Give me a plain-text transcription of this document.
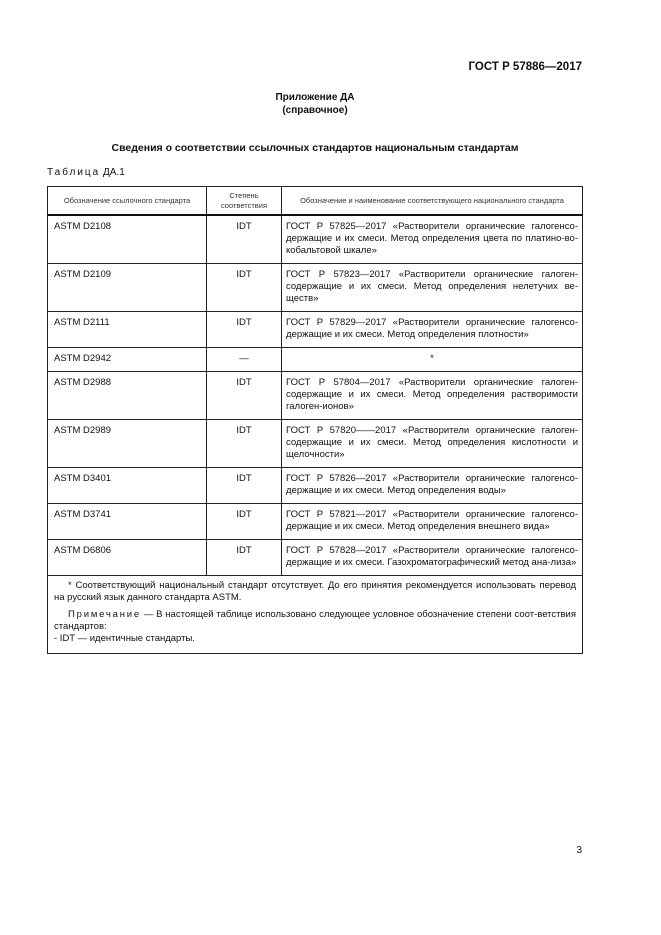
ГОСТ Р 57886—2017
Приложение ДА
(справочное)
Сведения о соответствии ссылочных стандартов национальным стандартам
Таблица ДА.1
Обозначение ссылочного стандарта	Степень соответствия	Обозначение и наименование соответствующего национального стандарта
ASTM D2108	IDT	ГОСТ Р 57825—2017 «Растворители органические галогенсо-держащие и их смеси. Метод определения цвета по платино-во-кобальтовой шкале»
ASTM D2109	IDT	ГОСТ Р 57823—2017 «Растворители органические галоген-содержащие и их смеси. Метод определения нелетучих ве-ществ»
ASTM D2111	IDT	ГОСТ Р 57829—2017 «Растворители органические галогенсо-держащие и их смеси. Метод определения плотности»
ASTM D2942	—	*
ASTM D2988	IDT	ГОСТ Р 57804—2017 «Растворители органические галоген-содержащие и их смеси. Метод определения растворимости галоген-ионов»
ASTM D2989	IDT	ГОСТ Р 57820——2017 «Растворители органические галоген-содержащие и их смеси. Метод определения кислотности и щелочности»
ASTM D3401	IDT	ГОСТ Р 57826—2017 «Растворители органические галогенсо-держащие и их смеси. Метод определения воды»
ASTM D3741	IDT	ГОСТ Р 57821—2017 «Растворители органические галогенсо-держащие и их смеси. Метод определения внешнего вида»
ASTM D6806	IDT	ГОСТ Р 57828—2017 «Растворители органические галогенсо-держащие и их смеси. Газохроматографический метод ана-лиза»

* Соответствующий национальный стандарт отсутствует. До его принятия рекомендуется использовать перевод на русский язык данного стандарта ASTM.

Примечание — В настоящей таблице использовано следующее условное обозначение степени соот-ветствия стандартов:

- IDT — идентичные стандарты.		

3
